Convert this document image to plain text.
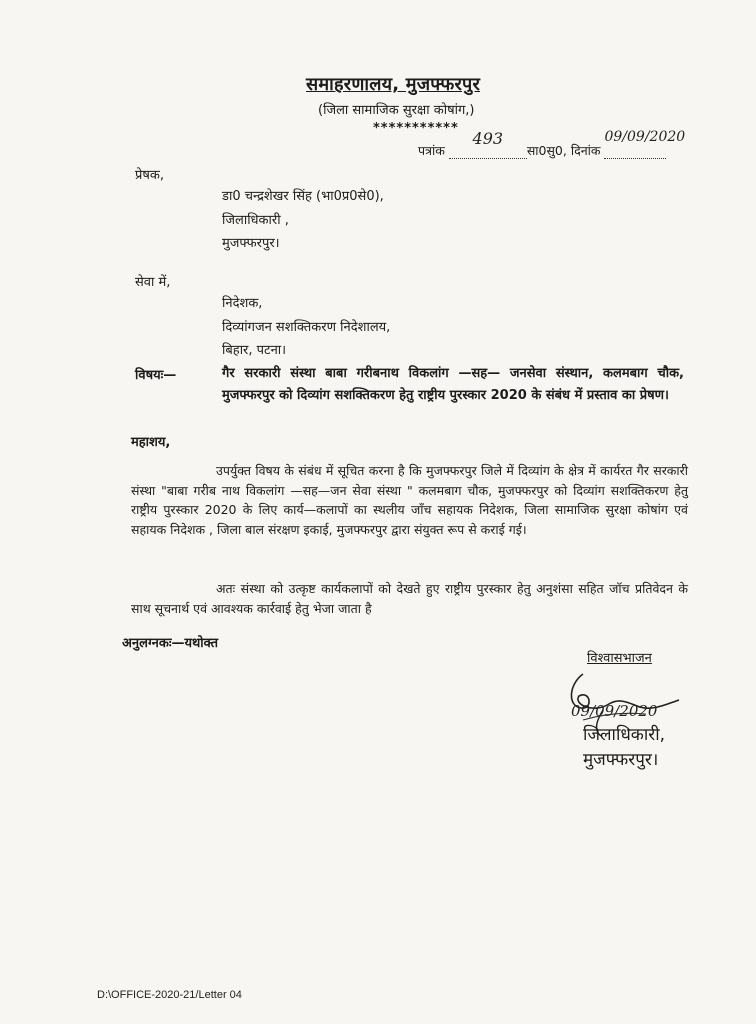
समाहरणालय, मुजफ्फरपुर
(जिला सामाजिक सुरक्षा कोषांग,)
***********
पत्रांक
493
सा0सु0, दिनांक
09/09/2020
प्रेषक,
डा0 चन्द्रशेखर सिंह (भा0प्र0से0),
जिलाधिकारी ,
मुजफ्फरपुर।
सेवा में,
निदेशक,
दिव्यांगजन सशक्तिकरण निदेशालय,
बिहार, पटना।
विषयः—	गैर सरकारी संस्था बाबा गरीबनाथ विकलांग —सह— जनसेवा संस्थान, कलमबाग चौक, मुजफ्फरपुर को दिव्यांग सशक्तिकरण हेतु राष्ट्रीय पुरस्कार 2020 के संबंध में प्रस्ताव का प्रेषण।
महाशय,
उपर्युक्त विषय के संबंध में सूचित करना है कि मुजफ्फरपुर जिले में दिव्यांग के क्षेत्र में कार्यरत गैर सरकारी संस्था "बाबा गरीब नाथ विकलांग —सह—जन सेवा संस्था " कलमबाग चौक, मुजफ्फरपुर को दिव्यांग सशक्तिकरण हेतु राष्ट्रीय पुरस्कार 2020 के लिए कार्य—कलापों का स्थलीय जाँच सहायक निदेशक, जिला सामाजिक सुरक्षा कोषांग एवं सहायक निदेशक , जिला बाल संरक्षण इकाई, मुजफ्फरपुर द्वारा संयुक्त रूप से कराई गई।
अतः संस्था को उत्कृष्ट कार्यकलापों को देखते हुए राष्ट्रीय पुरस्कार हेतु अनुशंसा सहित जॉच प्रतिवेदन के साथ सूचनार्थ एवं आवश्यक कार्रवाई हेतु भेजा जाता है
अनुलग्नकः—यथोक्त
विश्वासभाजन
09/09/2020
जिलाधिकारी,
मुजफ्फरपुर।
D:\OFFICE-2020-21/Letter 04
